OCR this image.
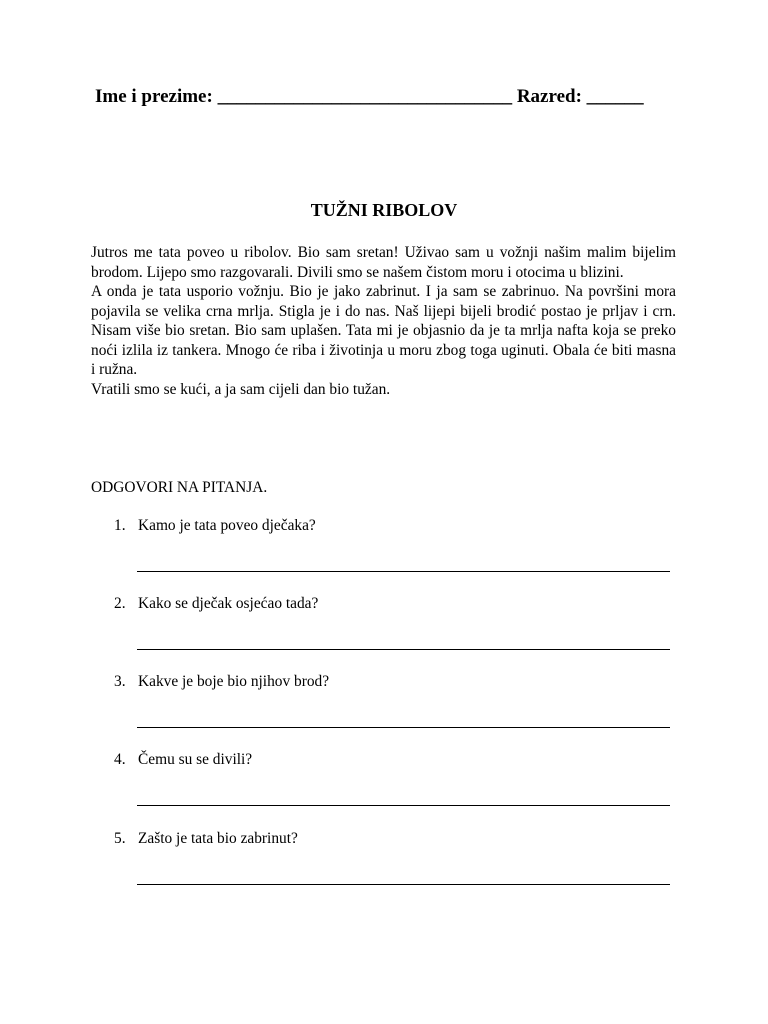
Ime i prezime: _______________________________ Razred: ______
TUŽNI RIBOLOV

Jutros me tata poveo u ribolov. Bio sam sretan! Uživao sam u vožnji našim malim bijelim brodom. Lijepo smo razgovarali. Divili smo se našem čistom moru i otocima u blizini.

A onda je tata usporio vožnju. Bio je jako zabrinut. I ja sam se zabrinuo. Na površini mora pojavila se velika crna mrlja. Stigla je i do nas. Naš lijepi bijeli brodić postao je prljav i crn. Nisam više bio sretan. Bio sam uplašen. Tata mi je objasnio da je ta mrlja nafta koja se preko noći izlila iz tankera. Mnogo će riba i životinja u moru zbog toga uginuti. Obala će biti masna i ružna.

Vratili smo se kući, a ja sam cijeli dan bio tužan.

ODGOVORI NA PITANJA.
1. Kamo je tata poveo dječaka?
2. Kako se dječak osjećao tada?
3. Kakve je boje bio njihov brod?
4. Čemu su se divili?
5. Zašto je tata bio zabrinut?
